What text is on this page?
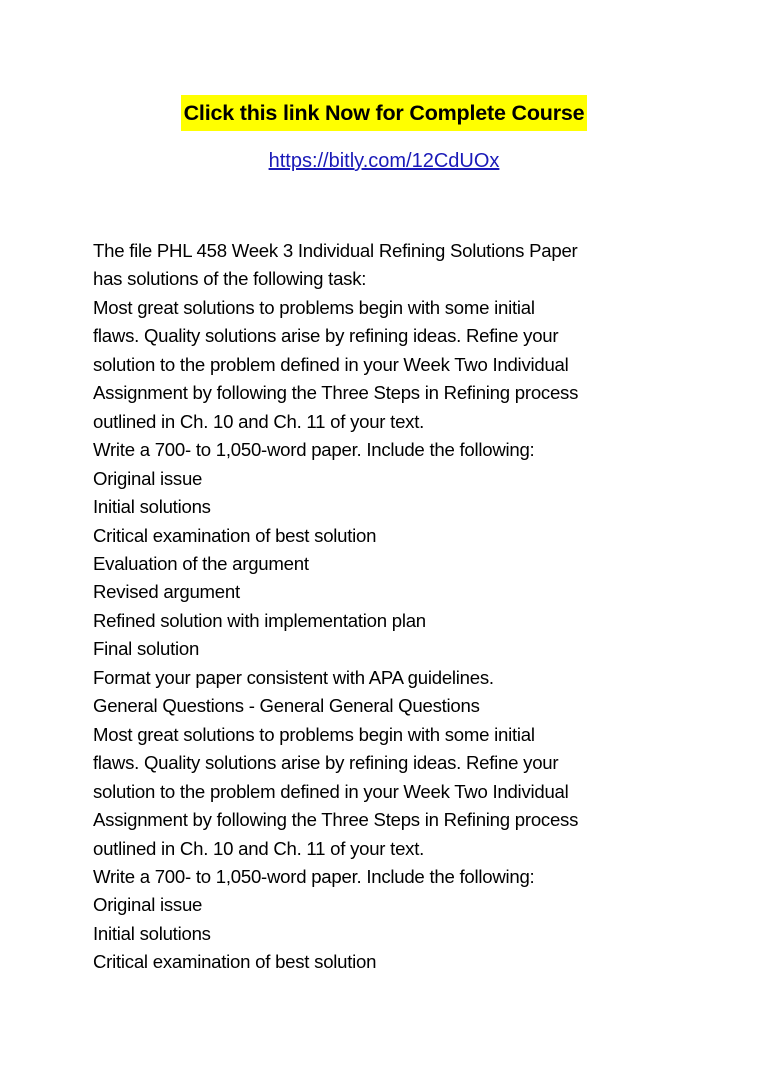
Click this link Now for Complete Course
https://bitly.com/12CdUOx
The file PHL 458 Week 3 Individual Refining Solutions Paper
has solutions of the following task:
Most great solutions to problems begin with some initial
flaws. Quality solutions arise by refining ideas. Refine your
solution to the problem defined in your Week Two Individual
Assignment by following the Three Steps in Refining process
outlined in Ch. 10 and Ch. 11 of your text.
Write a 700- to 1,050-word paper. Include the following:
Original issue
Initial solutions
Critical examination of best solution
Evaluation of the argument
Revised argument
Refined solution with implementation plan
Final solution
Format your paper consistent with APA guidelines.
General Questions - General General Questions
Most great solutions to problems begin with some initial
flaws. Quality solutions arise by refining ideas. Refine your
solution to the problem defined in your Week Two Individual
Assignment by following the Three Steps in Refining process
outlined in Ch. 10 and Ch. 11 of your text.
Write a 700- to 1,050-word paper. Include the following:
Original issue
Initial solutions
Critical examination of best solution
